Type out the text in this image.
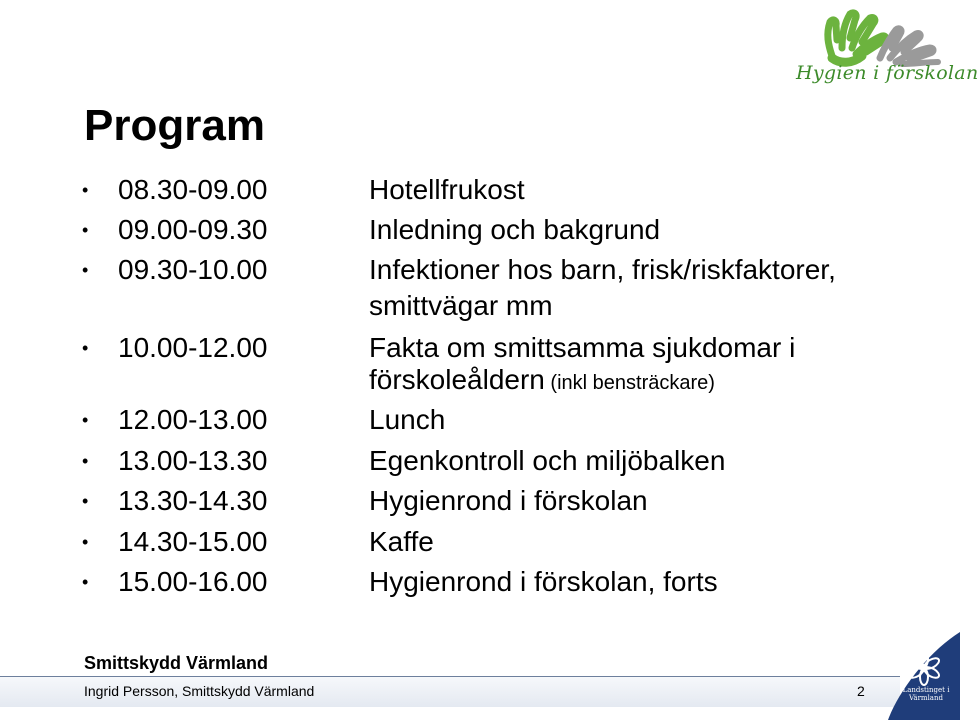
Hygien i förskolan
Program
• 08.30-09.00	Hotellfrukost
• 09.00-09.30	Inledning och bakgrund
• 09.30-10.00	Infektioner hos barn, frisk/riskfaktorer,
smittvägar mm
• 10.00-12.00	Fakta om smittsamma sjukdomar i
förskoleåldern (inkl bensträckare)
• 12.00-13.00	Lunch
• 13.00-13.30	Egenkontroll och miljöbalken
• 13.30-14.30	Hygienrond i förskolan
• 14.30-15.00	Kaffe
• 15.00-16.00	Hygienrond i förskolan, forts
Smittskydd Värmland
Ingrid Persson, Smittskydd Värmland	2	Landstinget i Värmland
